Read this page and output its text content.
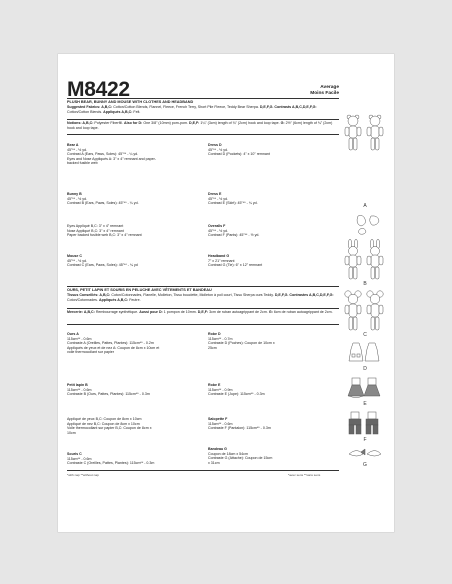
M8422	Average
Moins Facile
PLUSH BEAR, BUNNY AND MOUSE WITH CLOTHES AND HEADBAND
Suggested Fabrics: A,B,C: Cotton/Cotton Blends, Flannel, Fleece, French Terry, Short Pile Fleece, Teddy Bear Sherpa. D,E,F,G. Contrasts A,B,C,D,E,F,G: Cotton/Cotton Blends. Appliqués A,B,C: Felt.
Notions: A,B,C: Polyester Fiberfill. Also for D: One 3/8" (10mm) pom-pom. D,E,F: 1¼" (3cm) length of ¾" (2cm) hook and loop tape. G: 2½" (6cm) length of ¾" (2cm) hook and loop tape.
Bear A
45"** - ½ yd.
Contrast A (Ears, Paws, Soles): 45"** - ¼ yd.
Eyes and Nose Appliqués A: 3" x 4" remnant and paper-
backed fusible web
Bunny B
45"** - ½ yd.
Contrast B (Ears, Paws, Soles): 45"** - ¼ yd.
Eyes Appliqué B,C: 3" x 4" remnant
Nose Appliqué B,C: 3" x 4" remnant
Paper backed fusible web B,C: 3" x 4" remnant
Mouse C
45"** - ½ yd.
Contrast C (Ears, Paws, Soles): 45"** - ¼ yd
Dress D
45"** - ½ yd.
Contrast D (Pockets): 4" x 10" remnant
Dress E
45"** - ½ yd.
Contrast E (Skirt): 45"** - ¼ yd.
Overalls F
45"** - ½ yd.
Contrast F (Pants): 45"** - ½ yd.
Headband G
7" x 21" remnant
Contrast G (Tie): 6" x 12" remnant
OURS, PETIT LAPIN ET SOURIS EN PELUCHE AVEC VÊTEMENTS ET BANDEAU
Tissus Conseillés: A,B,C: Coton/Cotonnades, Flanelle, Molleton, Tissu bouclette, Molleton à poil court, Tissu Sherpa ours Teddy. D,E,F,G. Contrastes A,B,C,D,E,F,G: Coton/Cotonnades. Appliqués A,B,C: Feutre.
Mercerie: A,B,C: Rembourrage synthétique. Aussi pour D: 1 pompon de 10mm. D,E,F: 3cm de ruban autoagrippant de 2cm. G: 6cm de ruban autoagrippant de 2cm.
Ours A
115cm** - 0.6m
Contraste A (Oreilles, Pattes, Plantes): 115cm** - 0.2m
Appliqués de yeux et de nez A: Coupon de 8cm x 10cm et
voile thermocollant sur papier
Petit lapin B
115cm** - 0.6m
Contraste B (Ours, Pattes, Plantes): 115cm** - 0.3m
Appliqué de yeux B,C: Coupon de 8cm x 10cm
Appliqué de nez B,C: Coupon de 8cm x 10cm
Voile thermocollant sur papier B,C: Coupon de 8cm x
10cm
Souris C
115cm** - 0.6m
Contraste C (Oreilles, Pattes, Plantes): 115cm** - 0.3m
Robe D
115cm** - 0.7m
Contraste D (Poches): Coupon de 10cm x
25cm
Robe E
115cm** - 0.9m
Contraste E (Jupe): 115cm** - 0.3m
Salopette F
115cm** - 0.6m
Contraste F (Pantalon): 115cm** - 0.3m
Bandeau G
Coupon de 18cm x 54cm
Contraste G (Attache): Coupon de 15cm
x 31cm
*with nap **without nap	*avec sens **sans sens
A
B
C
D
E
F
G
